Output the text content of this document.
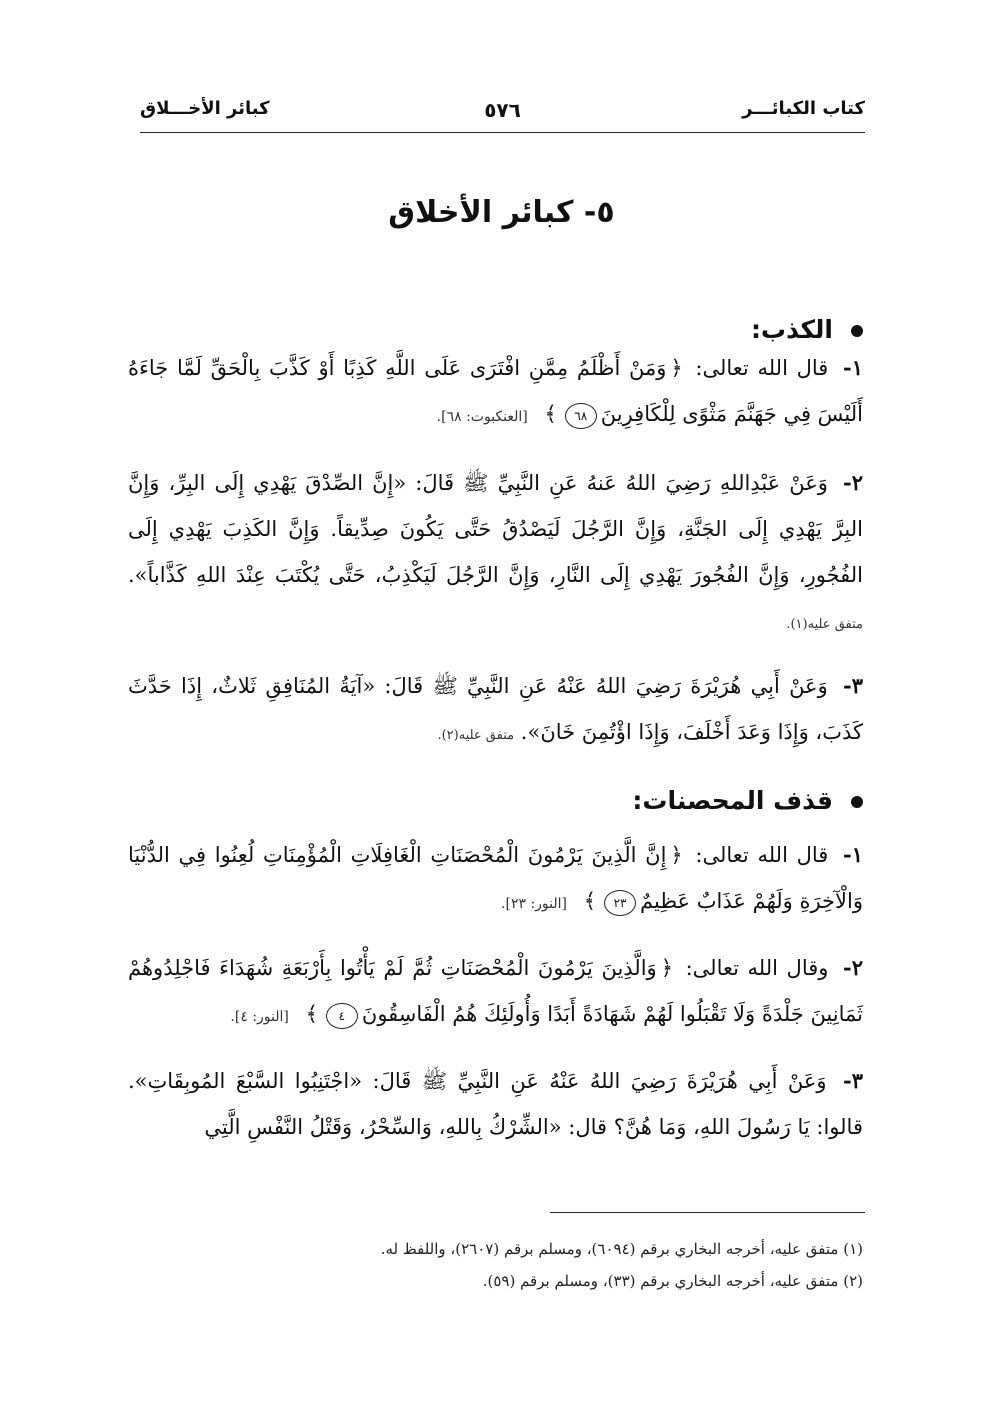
كتاب الكبائـــر
٥٧٦
كبائر الأخـــلاق
٥- كبائر الأخلاق
الكذب:
١- قال الله تعالى: ﴿وَمَنْ أَظْلَمُ مِمَّنِ افْتَرَى عَلَى اللَّهِ كَذِبًا أَوْ كَذَّبَ بِالْحَقِّ لَمَّا جَاءَهُ أَلَيْسَ فِي جَهَنَّمَ مَثْوًى لِلْكَافِرِينَ٦٨﴾ [العنكبوت: ٦٨].
٢- وَعَنْ عَبْدِاللهِ رَضِيَ اللهُ عَنهُ عَنِ النَّبِيِّ ﷺ قَالَ: «إِنَّ الصِّدْقَ يَهْدِي إِلَى البِرِّ، وَإِنَّ البِرَّ يَهْدِي إِلَى الجَنَّةِ، وَإِنَّ الرَّجُلَ لَيَصْدُقُ حَتَّى يَكُونَ صِدِّيقاً. وَإِنَّ الكَذِبَ يَهْدِي إِلَى الفُجُورِ، وَإِنَّ الفُجُورَ يَهْدِي إِلَى النَّارِ، وَإِنَّ الرَّجُلَ لَيَكْذِبُ، حَتَّى يُكْتَبَ عِنْدَ اللهِ كَذَّاباً». متفق عليه(١).
٣- وَعَنْ أَبِي هُرَيْرَةَ رَضِيَ اللهُ عَنْهُ عَنِ النَّبِيِّ ﷺ قَالَ: «آيَةُ المُنَافِقِ ثَلاثٌ، إِذَا حَدَّثَ كَذَبَ، وَإِذَا وَعَدَ أَخْلَفَ، وَإِذَا اؤْتُمِنَ خَانَ». متفق عليه(٢).
قذف المحصنات:
١- قال الله تعالى: ﴿إِنَّ الَّذِينَ يَرْمُونَ الْمُحْصَنَاتِ الْغَافِلَاتِ الْمُؤْمِنَاتِ لُعِنُوا فِي الدُّنْيَا وَالْآخِرَةِ وَلَهُمْ عَذَابٌ عَظِيمٌ٢٣﴾ [النور: ٢٣].
٢- وقال الله تعالى: ﴿وَالَّذِينَ يَرْمُونَ الْمُحْصَنَاتِ ثُمَّ لَمْ يَأْتُوا بِأَرْبَعَةِ شُهَدَاءَ فَاجْلِدُوهُمْ ثَمَانِينَ جَلْدَةً وَلَا تَقْبَلُوا لَهُمْ شَهَادَةً أَبَدًا وَأُولَئِكَ هُمُ الْفَاسِقُونَ٤﴾ [النور: ٤].
٣- وَعَنْ أَبِي هُرَيْرَةَ رَضِيَ اللهُ عَنْهُ عَنِ النَّبِيِّ ﷺ قَالَ: «اجْتَنِبُوا السَّبْعَ المُوبِقَاتِ». قالوا: يَا رَسُولَ اللهِ، وَمَا هُنَّ؟ قال: «الشِّرْكُ بِاللهِ، وَالسِّحْرُ، وَقَتْلُ النَّفْسِ الَّتِي
(١) متفق عليه، أخرجه البخاري برقم (٦٠٩٤)، ومسلم برقم (٢٦٠٧)، واللفظ له.
(٢) متفق عليه، أخرجه البخاري برقم (٣٣)، ومسلم برقم (٥٩).
